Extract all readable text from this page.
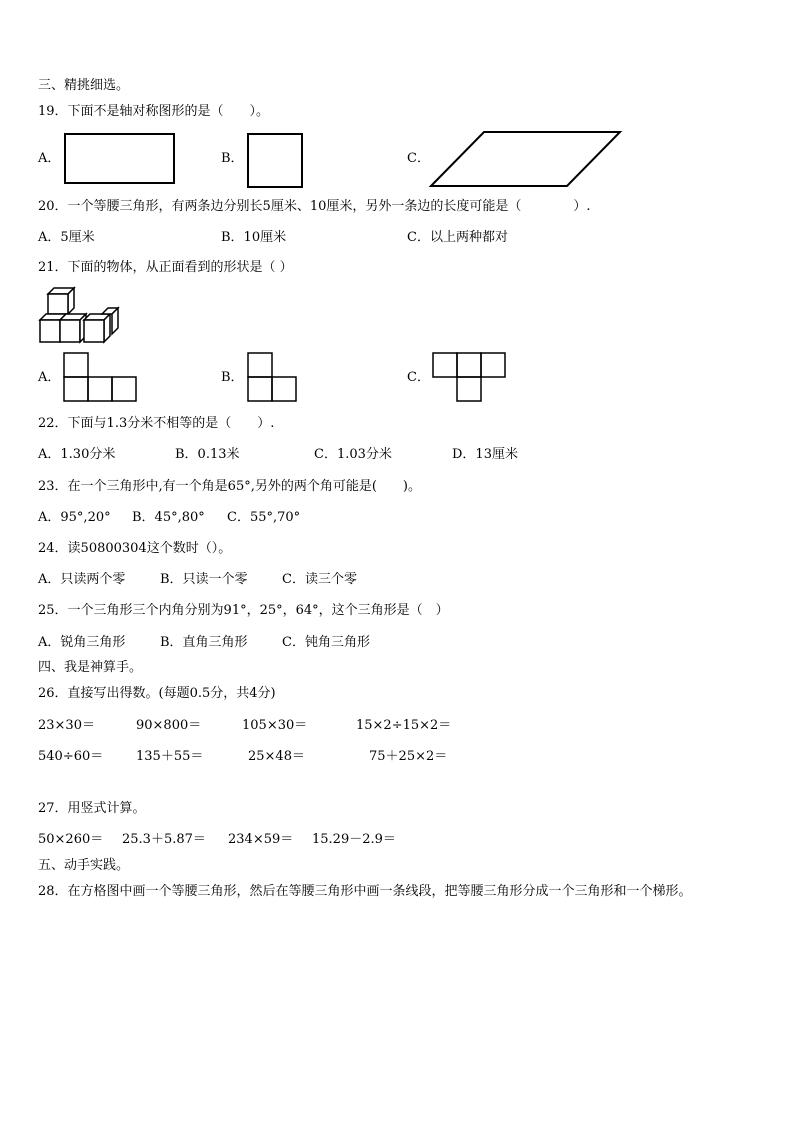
三、精挑细选。
19．下面不是轴对称图形的是（　　）。
A．	B．	C．
20．一个等腰三角形，有两条边分别长5厘米、10厘米，另外一条边的长度可能是（　　　　）.
A．5厘米	B．10厘米	C．以上两种都对
21．下面的物体，从正面看到的形状是（ ）
A．	B．	C．
22．下面与1.3分米不相等的是（　　）.
A．1.30分米	B．0.13米	C．1.03分米	D．13厘米
23．在一个三角形中,有一个角是65°,另外的两个角可能是(　　)。
A．95°,20° B．45°,80° C．55°,70°
24．读50800304这个数时（）。
A．只读两个零	B．只读一个零	C．读三个零
25．一个三角形三个内角分别为91°，25°，64°，这个三角形是（　）
A．锐角三角形	B．直角三角形	C．钝角三角形
四、我是神算手。
26．直接写出得数。(每题0.5分，共4分)
23×30＝	90×800＝	105×30＝	15×2÷15×2＝
540÷60＝	135＋55＝	25×48＝	75＋25×2＝
27．用竖式计算。
50×260＝ 25.3＋5.87＝ 234×59＝ 15.29－2.9＝
五、动手实践。
28．在方格图中画一个等腰三角形，然后在等腰三角形中画一条线段，把等腰三角形分成一个三角形和一个梯形。
